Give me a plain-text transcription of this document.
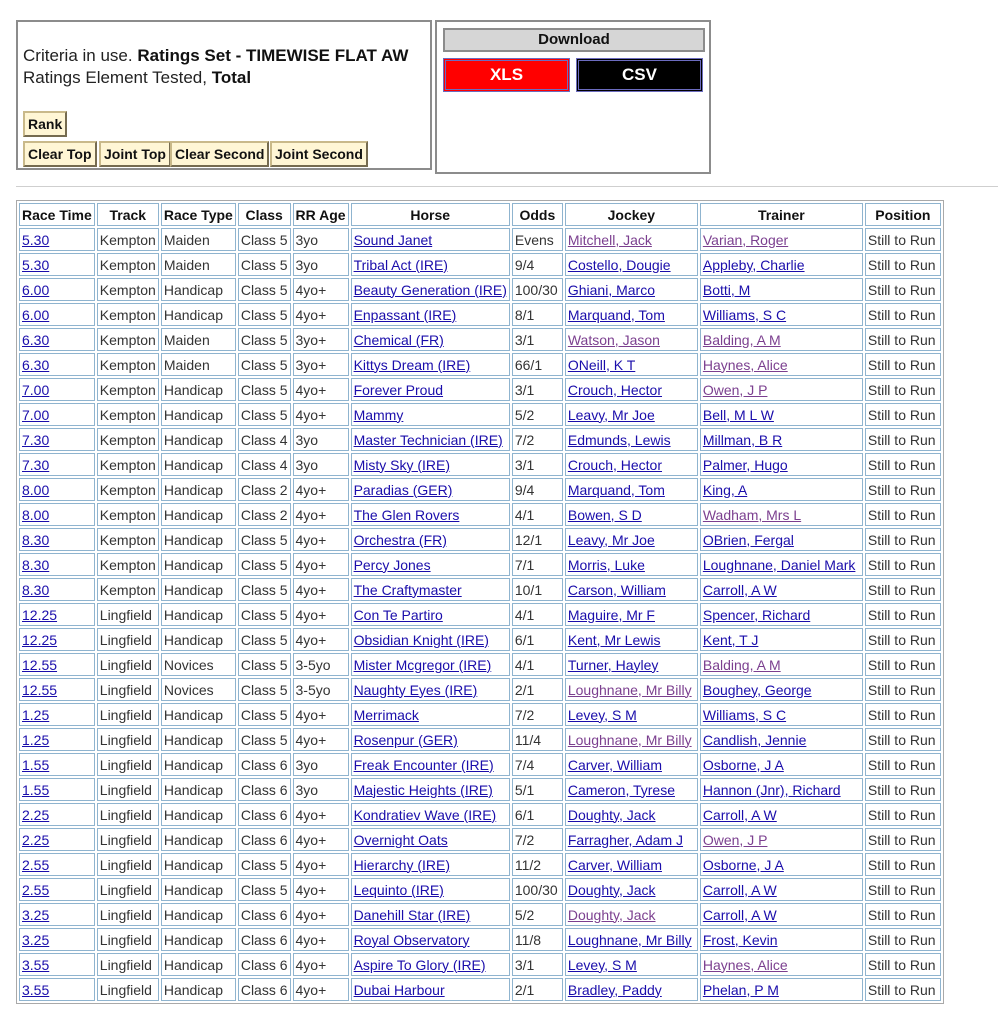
Criteria in use. Ratings Set - TIMEWISE FLAT AW
Ratings Element Tested, Total
Rank
Clear Top Joint Top Clear Second Joint Second
Download
XLS	CSV
Race Time	Track	Race Type	Class	RR Age	Horse	Odds	Jockey	Trainer	Position
5.30	Kempton	Maiden	Class 5	3yo	Sound Janet	Evens	Mitchell, Jack	Varian, Roger	Still to Run
5.30	Kempton	Maiden	Class 5	3yo	Tribal Act (IRE)	9/4	Costello, Dougie	Appleby, Charlie	Still to Run
6.00	Kempton	Handicap	Class 5	4yo+	Beauty Generation (IRE)	100/30	Ghiani, Marco	Botti, M	Still to Run
6.00	Kempton	Handicap	Class 5	4yo+	Enpassant (IRE)	8/1	Marquand, Tom	Williams, S C	Still to Run
6.30	Kempton	Maiden	Class 5	3yo+	Chemical (FR)	3/1	Watson, Jason	Balding, A M	Still to Run
6.30	Kempton	Maiden	Class 5	3yo+	Kittys Dream (IRE)	66/1	ONeill, K T	Haynes, Alice	Still to Run
7.00	Kempton	Handicap	Class 5	4yo+	Forever Proud	3/1	Crouch, Hector	Owen, J P	Still to Run
7.00	Kempton	Handicap	Class 5	4yo+	Mammy	5/2	Leavy, Mr Joe	Bell, M L W	Still to Run
7.30	Kempton	Handicap	Class 4	3yo	Master Technician (IRE)	7/2	Edmunds, Lewis	Millman, B R	Still to Run
7.30	Kempton	Handicap	Class 4	3yo	Misty Sky (IRE)	3/1	Crouch, Hector	Palmer, Hugo	Still to Run
8.00	Kempton	Handicap	Class 2	4yo+	Paradias (GER)	9/4	Marquand, Tom	King, A	Still to Run
8.00	Kempton	Handicap	Class 2	4yo+	The Glen Rovers	4/1	Bowen, S D	Wadham, Mrs L	Still to Run
8.30	Kempton	Handicap	Class 5	4yo+	Orchestra (FR)	12/1	Leavy, Mr Joe	OBrien, Fergal	Still to Run
8.30	Kempton	Handicap	Class 5	4yo+	Percy Jones	7/1	Morris, Luke	Loughnane, Daniel Mark	Still to Run
8.30	Kempton	Handicap	Class 5	4yo+	The Craftymaster	10/1	Carson, William	Carroll, A W	Still to Run
12.25	Lingfield	Handicap	Class 5	4yo+	Con Te Partiro	4/1	Maguire, Mr F	Spencer, Richard	Still to Run
12.25	Lingfield	Handicap	Class 5	4yo+	Obsidian Knight (IRE)	6/1	Kent, Mr Lewis	Kent, T J	Still to Run
12.55	Lingfield	Novices	Class 5	3-5yo	Mister Mcgregor (IRE)	4/1	Turner, Hayley	Balding, A M	Still to Run
12.55	Lingfield	Novices	Class 5	3-5yo	Naughty Eyes (IRE)	2/1	Loughnane, Mr Billy	Boughey, George	Still to Run
1.25	Lingfield	Handicap	Class 5	4yo+	Merrimack	7/2	Levey, S M	Williams, S C	Still to Run
1.25	Lingfield	Handicap	Class 5	4yo+	Rosenpur (GER)	11/4	Loughnane, Mr Billy	Candlish, Jennie	Still to Run
1.55	Lingfield	Handicap	Class 6	3yo	Freak Encounter (IRE)	7/4	Carver, William	Osborne, J A	Still to Run
1.55	Lingfield	Handicap	Class 6	3yo	Majestic Heights (IRE)	5/1	Cameron, Tyrese	Hannon (Jnr), Richard	Still to Run
2.25	Lingfield	Handicap	Class 6	4yo+	Kondratiev Wave (IRE)	6/1	Doughty, Jack	Carroll, A W	Still to Run
2.25	Lingfield	Handicap	Class 6	4yo+	Overnight Oats	7/2	Farragher, Adam J	Owen, J P	Still to Run
2.55	Lingfield	Handicap	Class 5	4yo+	Hierarchy (IRE)	11/2	Carver, William	Osborne, J A	Still to Run
2.55	Lingfield	Handicap	Class 5	4yo+	Lequinto (IRE)	100/30	Doughty, Jack	Carroll, A W	Still to Run
3.25	Lingfield	Handicap	Class 6	4yo+	Danehill Star (IRE)	5/2	Doughty, Jack	Carroll, A W	Still to Run
3.25	Lingfield	Handicap	Class 6	4yo+	Royal Observatory	11/8	Loughnane, Mr Billy	Frost, Kevin	Still to Run
3.55	Lingfield	Handicap	Class 6	4yo+	Aspire To Glory (IRE)	3/1	Levey, S M	Haynes, Alice	Still to Run
3.55	Lingfield	Handicap	Class 6	4yo+	Dubai Harbour	2/1	Bradley, Paddy	Phelan, P M	Still to Run
